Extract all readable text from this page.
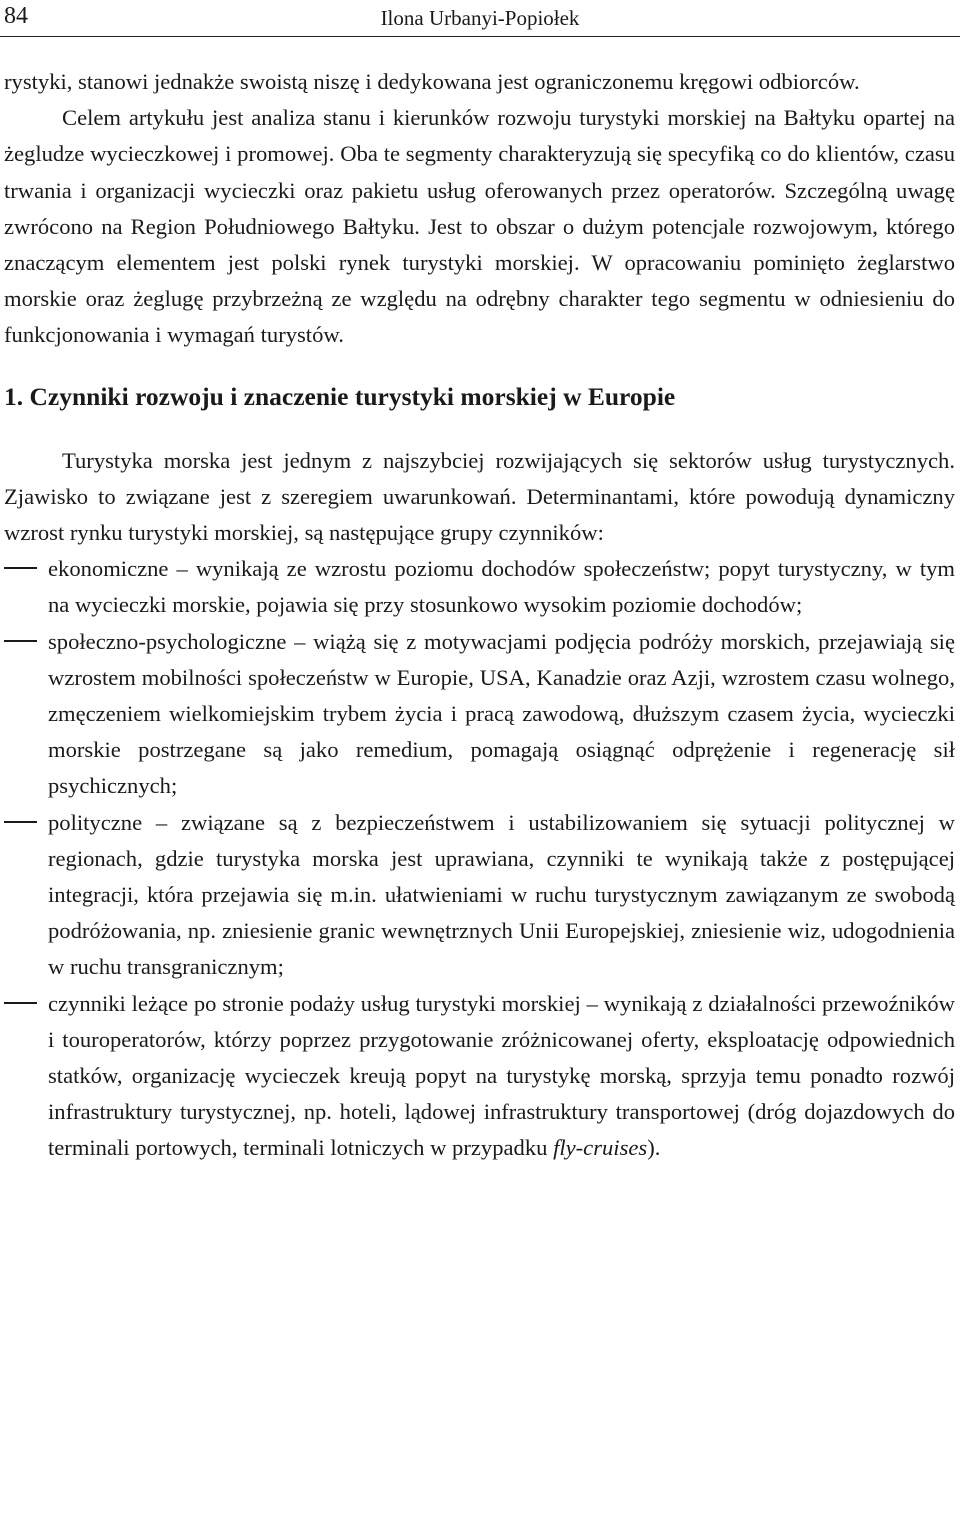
84	Ilona Urbanyi-Popiołek

rystyki, stanowi jednakże swoistą niszę i dedykowana jest ograniczonemu kręgowi odbiorców.

Celem artykułu jest analiza stanu i kierunków rozwoju turystyki morskiej na Bałtyku opartej na żegludze wycieczkowej i promowej. Oba te segmenty charakteryzują się specyfiką co do klientów, czasu trwania i organizacji wycieczki oraz pakietu usług oferowanych przez operatorów. Szczególną uwagę zwrócono na Region Południowego Bałtyku. Jest to obszar o dużym potencjale rozwojowym, którego znaczącym elementem jest polski rynek turystyki morskiej. W opracowaniu pominięto żeglarstwo morskie oraz żeglugę przybrzeżną ze względu na odrębny charakter tego segmentu w odniesieniu do funkcjonowania i wymagań turystów.

1. Czynniki rozwoju i znaczenie turystyki morskiej w Europie

Turystyka morska jest jednym z najszybciej rozwijających się sektorów usług turystycznych. Zjawisko to związane jest z szeregiem uwarunkowań. Determinantami, które powodują dynamiczny wzrost rynku turystyki morskiej, są następujące grupy czynników:

ekonomiczne – wynikają ze wzrostu poziomu dochodów społeczeństw; popyt turystyczny, w tym na wycieczki morskie, pojawia się przy stosunkowo wysokim poziomie dochodów;
społeczno-psychologiczne – wiążą się z motywacjami podjęcia podróży morskich, przejawiają się wzrostem mobilności społeczeństw w Europie, USA, Kanadzie oraz Azji, wzrostem czasu wolnego, zmęczeniem wielkomiejskim trybem życia i pracą zawodową, dłuższym czasem życia, wycieczki morskie postrzegane są jako remedium, pomagają osiągnąć odprężenie i regenerację sił psychicznych;
polityczne – związane są z bezpieczeństwem i ustabilizowaniem się sytuacji politycznej w regionach, gdzie turystyka morska jest uprawiana, czynniki te wynikają także z postępującej integracji, która przejawia się m.in. ułatwieniami w ruchu turystycznym zawiązanym ze swobodą podróżowania, np. zniesienie granic wewnętrznych Unii Europejskiej, zniesienie wiz, udogodnienia w ruchu transgranicznym;
czynniki leżące po stronie podaży usług turystyki morskiej – wynikają z działalności przewoźników i touroperatorów, którzy poprzez przygotowanie zróżnicowanej oferty, eksploatację odpowiednich statków, organizację wycieczek kreują popyt na turystykę morską, sprzyja temu ponadto rozwój infrastruktury turystycznej, np. hoteli, lądowej infrastruktury transportowej (dróg dojazdowych do terminali portowych, terminali lotniczych w przypadku fly-cruises).
